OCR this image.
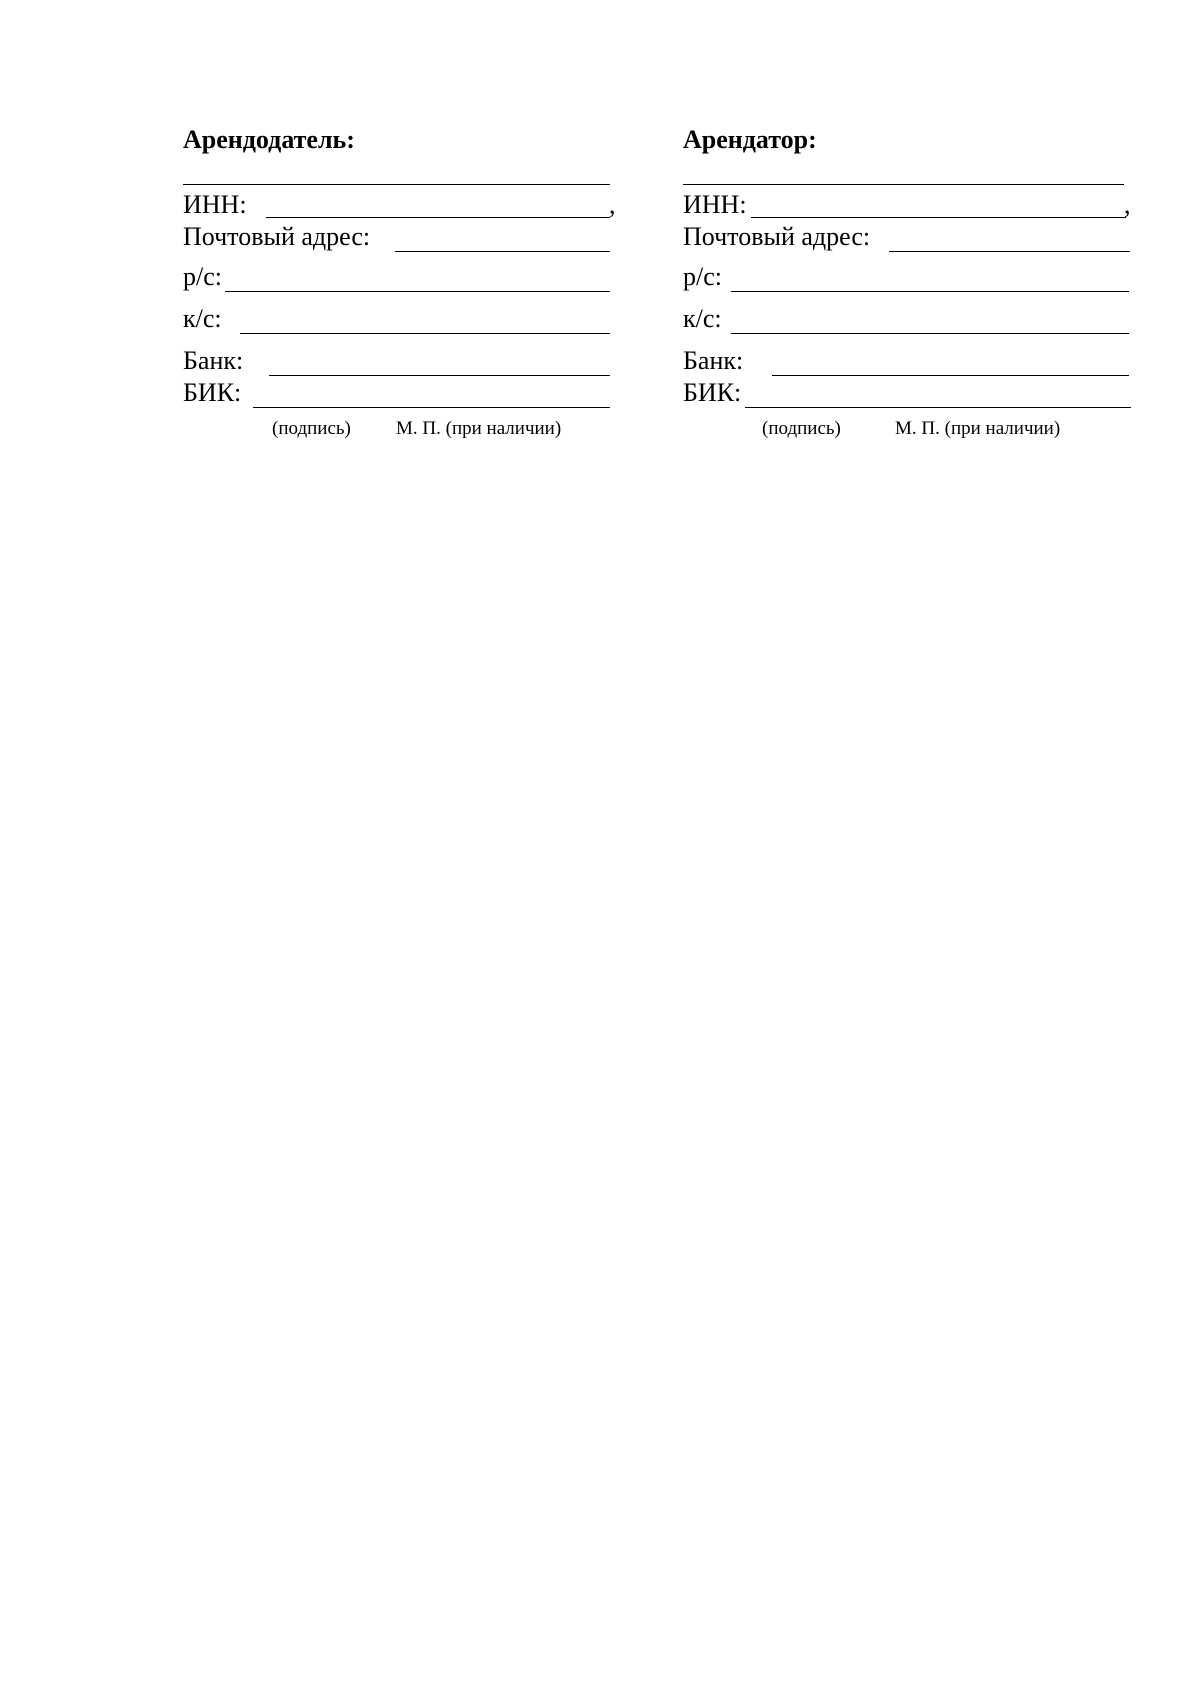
Арендодатель:
ИНН:	,
Почтовый адрес:
р/с:
к/с:
Банк:
БИК:
(подпись) М. П. (при наличии)
Арендатор:
ИНН:	,
Почтовый адрес:
р/с:
к/с:
Банк:
БИК:
(подпись)	М. П. (при наличии)
